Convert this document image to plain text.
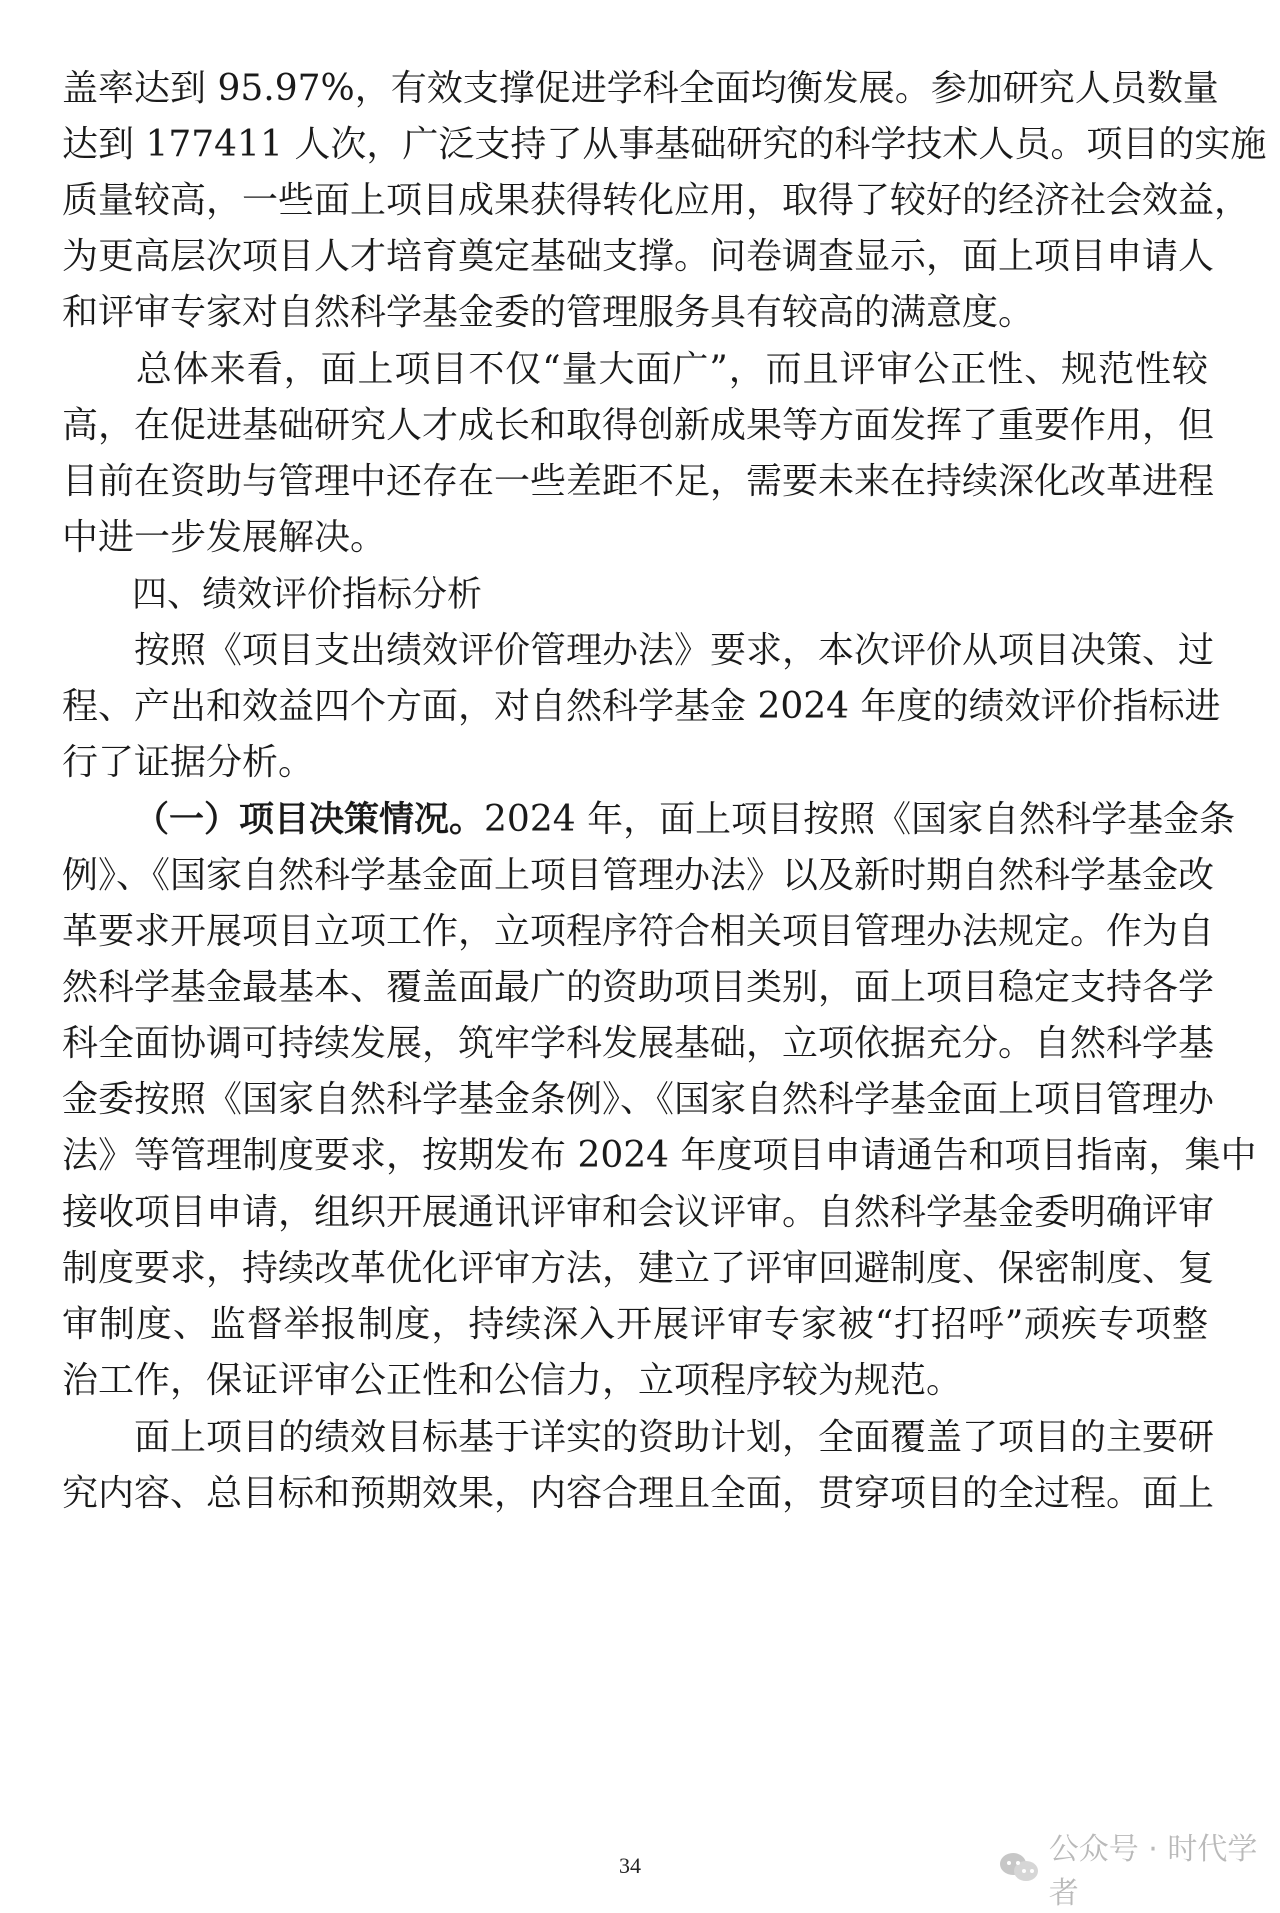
盖率达到 95.97%，有效支撑促进学科全面均衡发展。参加研究人员数量
达到 177411 人次，广泛支持了从事基础研究的科学技术人员。项目的实施
质量较高，一些面上项目成果获得转化应用，取得了较好的经济社会效益，
为更高层次项目人才培育奠定基础支撑。问卷调查显示，面上项目申请人
和评审专家对自然科学基金委的管理服务具有较高的满意度。
　　总体来看，面上项目不仅“量大面广”，而且评审公正性、规范性较
高，在促进基础研究人才成长和取得创新成果等方面发挥了重要作用，但
目前在资助与管理中还存在一些差距不足，需要未来在持续深化改革进程
中进一步发展解决。
　　四、绩效评价指标分析
　　按照《项目支出绩效评价管理办法》要求，本次评价从项目决策、过
程、产出和效益四个方面，对自然科学基金 2024 年度的绩效评价指标进
行了证据分析。
（一）项目决策情况。2024 年，面上项目按照《国家自然科学基金条
例》、《国家自然科学基金面上项目管理办法》以及新时期自然科学基金改
革要求开展项目立项工作，立项程序符合相关项目管理办法规定。作为自
然科学基金最基本、覆盖面最广的资助项目类别，面上项目稳定支持各学
科全面协调可持续发展，筑牢学科发展基础，立项依据充分。自然科学基
金委按照《国家自然科学基金条例》、《国家自然科学基金面上项目管理办
法》等管理制度要求，按期发布 2024 年度项目申请通告和项目指南，集中
接收项目申请，组织开展通讯评审和会议评审。自然科学基金委明确评审
制度要求，持续改革优化评审方法，建立了评审回避制度、保密制度、复
审制度、监督举报制度，持续深入开展评审专家被“打招呼”顽疾专项整
治工作，保证评审公正性和公信力，立项程序较为规范。
　　面上项目的绩效目标基于详实的资助计划，全面覆盖了项目的主要研
究内容、总目标和预期效果，内容合理且全面，贯穿项目的全过程。面上
34	公众号 · 时代学者
